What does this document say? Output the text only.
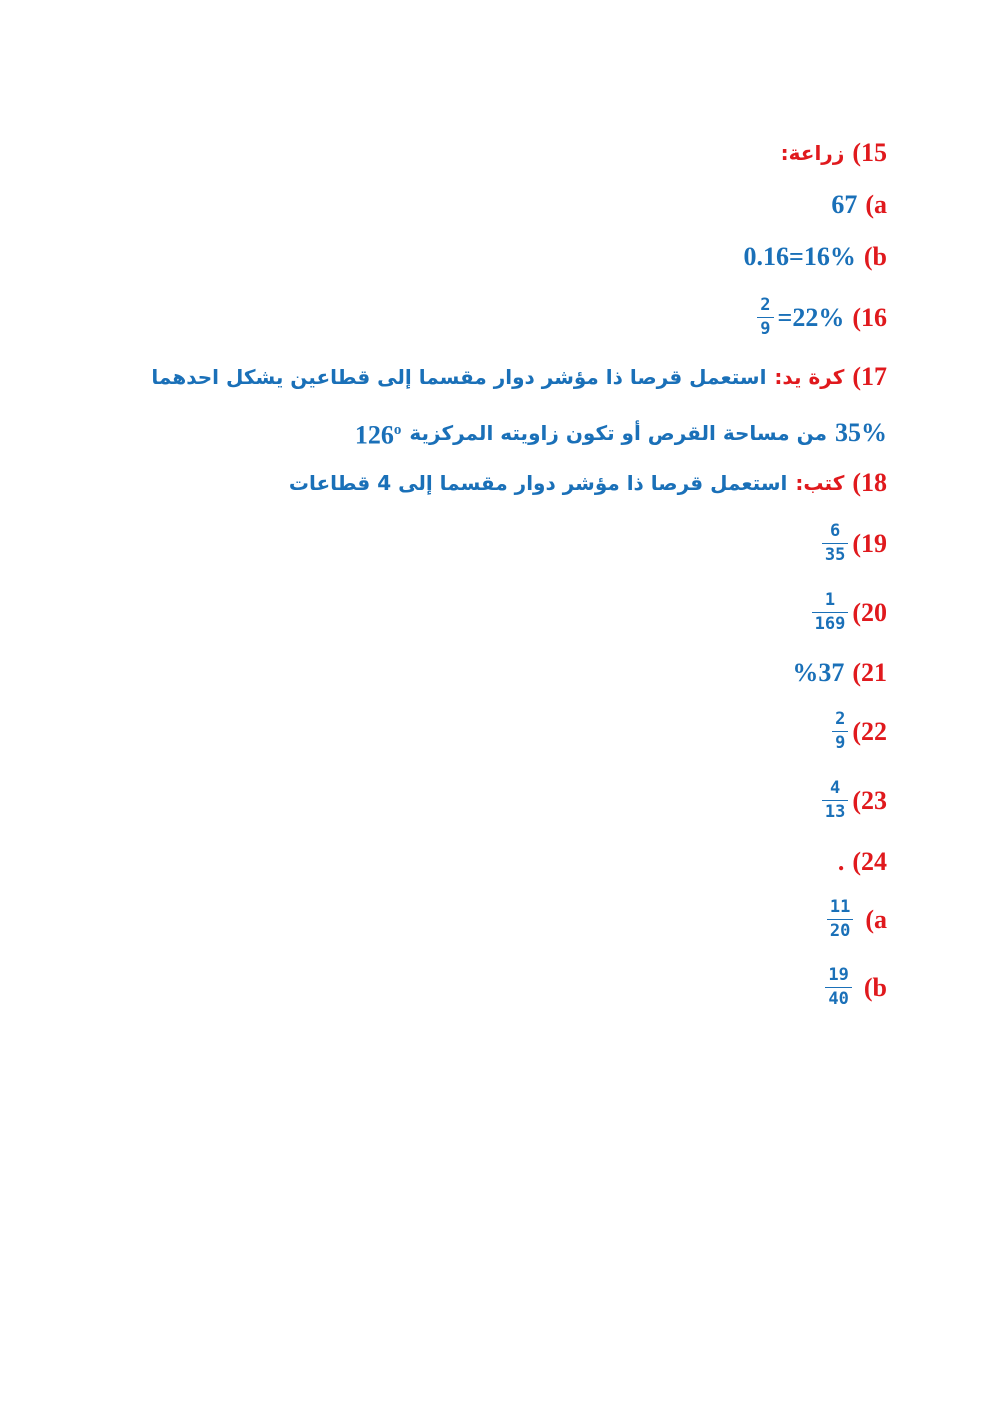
15)
زراعة:
a)
67
b)
0.16=16%
16)
$\frac{2}{9} =22\%$
17)
كرة يد:
استعمل قرصا ذا مؤشر دوار مقسما إلى قطاعين يشكل احدهما
35%
من مساحة القرص أو تكون زاويته المركزية
126$^o$
18)
كتب:
استعمل قرصا ذا مؤشر دوار مقسما إلى 4 قطاعات
19)
$\frac{6}{35}$
20)
$\frac{1}{169}$
21)
%37
22)
$\frac{2}{9}$
23)
$\frac{4}{13}$
24)
.
a)
$\frac{11}{20}$
b)
$\frac{19}{40}$
